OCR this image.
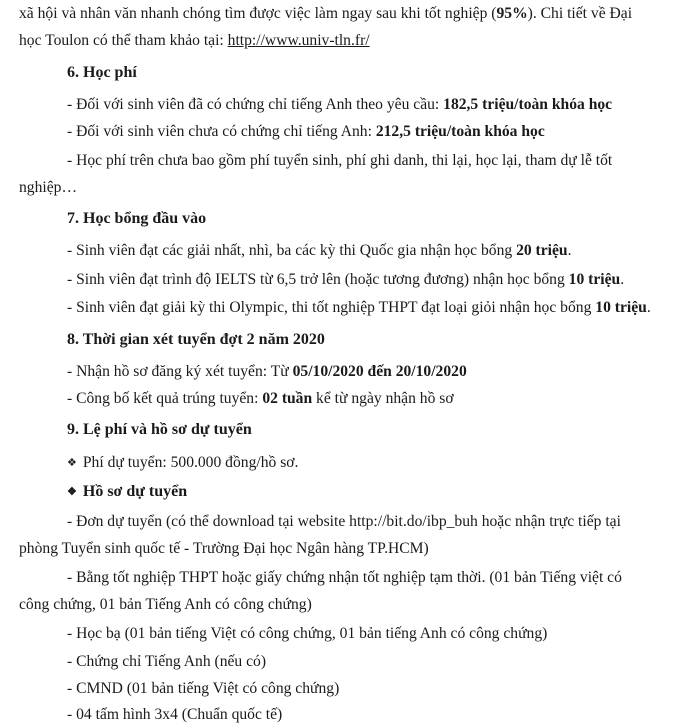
xã hội và nhân văn nhanh chóng tìm được việc làm ngay sau khi tốt nghiệp (95%). Chi tiết về Đại
học Toulon có thể tham khảo tại: http://www.univ-tln.fr/
6. Học phí
- Đối với sinh viên đã có chứng chỉ tiếng Anh theo yêu cầu: 182,5 triệu/toàn khóa học
- Đối với sinh viên chưa có chứng chỉ tiếng Anh: 212,5 triệu/toàn khóa học
- Học phí trên chưa bao gồm phí tuyển sinh, phí ghi danh, thi lại, học lại, tham dự lễ tốt
nghiệp…
7. Học bổng đầu vào
- Sinh viên đạt các giải nhất, nhì, ba các kỳ thi Quốc gia nhận học bổng 20 triệu.
- Sinh viên đạt trình độ IELTS từ 6,5 trở lên (hoặc tương đương) nhận học bổng 10 triệu.
- Sinh viên đạt giải kỳ thi Olympic, thi tốt nghiệp THPT đạt loại giỏi nhận học bổng 10 triệu.
8. Thời gian xét tuyển đợt 2 năm 2020
- Nhận hồ sơ đăng ký xét tuyển: Từ 05/10/2020 đến 20/10/2020
- Công bố kết quả trúng tuyển: 02 tuần kể từ ngày nhận hồ sơ
9. Lệ phí và hồ sơ dự tuyển
❖ Phí dự tuyển: 500.000 đồng/hồ sơ.
❖ Hồ sơ dự tuyển
- Đơn dự tuyển (có thể download tại website http://bit.do/ibp_buh hoặc nhận trực tiếp tại
phòng Tuyển sinh quốc tế - Trường Đại học Ngân hàng TP.HCM)
- Bằng tốt nghiệp THPT hoặc giấy chứng nhận tốt nghiệp tạm thời. (01 bản Tiếng việt có
công chứng, 01 bản Tiếng Anh có công chứng)
- Học bạ (01 bản tiếng Việt có công chứng, 01 bản tiếng Anh có công chứng)
- Chứng chỉ Tiếng Anh (nếu có)
- CMND (01 bản tiếng Việt có công chứng)
- 04 tấm hình 3x4 (Chuẩn quốc tế)
